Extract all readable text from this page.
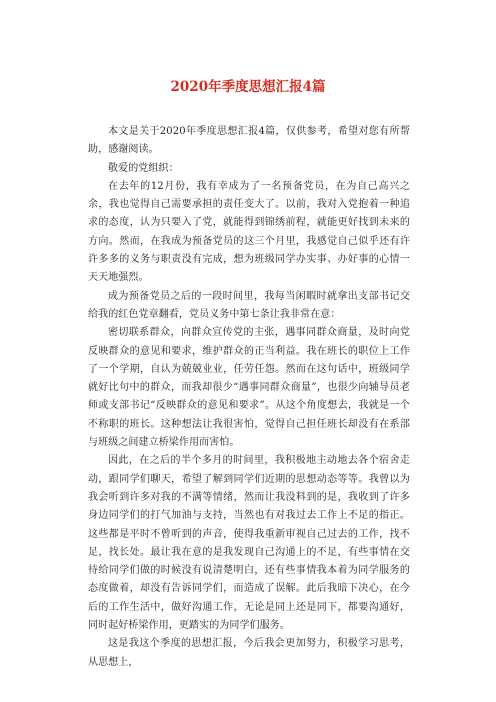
2020年季度思想汇报4篇

本文是关于2020年季度思想汇报4篇，仅供参考，希望对您有所帮助，感谢阅读。

敬爱的党组织：

在去年的12月份，我有幸成为了一名预备党员，在为自己高兴之余，我也觉得自己需要承担的责任变大了。以前，我对入党抱着一种追求的态度，认为只要入了党，就能得到锦绣前程，就能更好找到未来的方向。然而，在我成为预备党员的这三个月里，我感觉自己似乎还有许许多多的义务与职责没有完成，想为班级同学办实事、办好事的心情一天天地强烈。

成为预备党员之后的一段时间里，我每当闲暇时就拿出支部书记交给我的红色党章翻看，党员义务中第七条让我非常在意：

密切联系群众，向群众宣传党的主张，遇事同群众商量，及时向党反映群众的意见和要求，维护群众的正当利益。我在班长的职位上工作了一个学期，自认为兢兢业业，任劳任怨。然而在这句话中，班级同学就好比句中的群众，而我却很少“遇事同群众商量”，也很少向辅导员老师或支部书记“反映群众的意见和要求”。从这个角度想去，我就是一个不称职的班长。这种想法让我很害怕，觉得自己担任班长却没有在系部与班级之间建立桥梁作用而害怕。

因此，在之后的半个多月的时间里，我积极地主动地去各个宿舍走动，跟同学们聊天，希望了解到同学们近期的思想动态等等。我曾以为我会听到许多对我的不满等情绪，然而让我没料到的是，我收到了许多身边同学们的打气加油与支持，当然也有对我过去工作上不足的指正。这些都是平时不曾听到的声音，使得我重新审视自己过去的工作，找不足，找长处。最让我在意的是我发现自己沟通上的不足，有些事情在交待给同学们做的时候没有说清楚明白，还有些事情我本着为同学服务的态度做着，却没有告诉同学们，而造成了误解。此后我暗下决心，在今后的工作生活中，做好沟通工作，无论是同上还是同下，都要沟通好，同时起好桥梁作用，更踏实的为同学们服务。

这是我这个季度的思想汇报，今后我会更加努力，积极学习思考，从思想上，
